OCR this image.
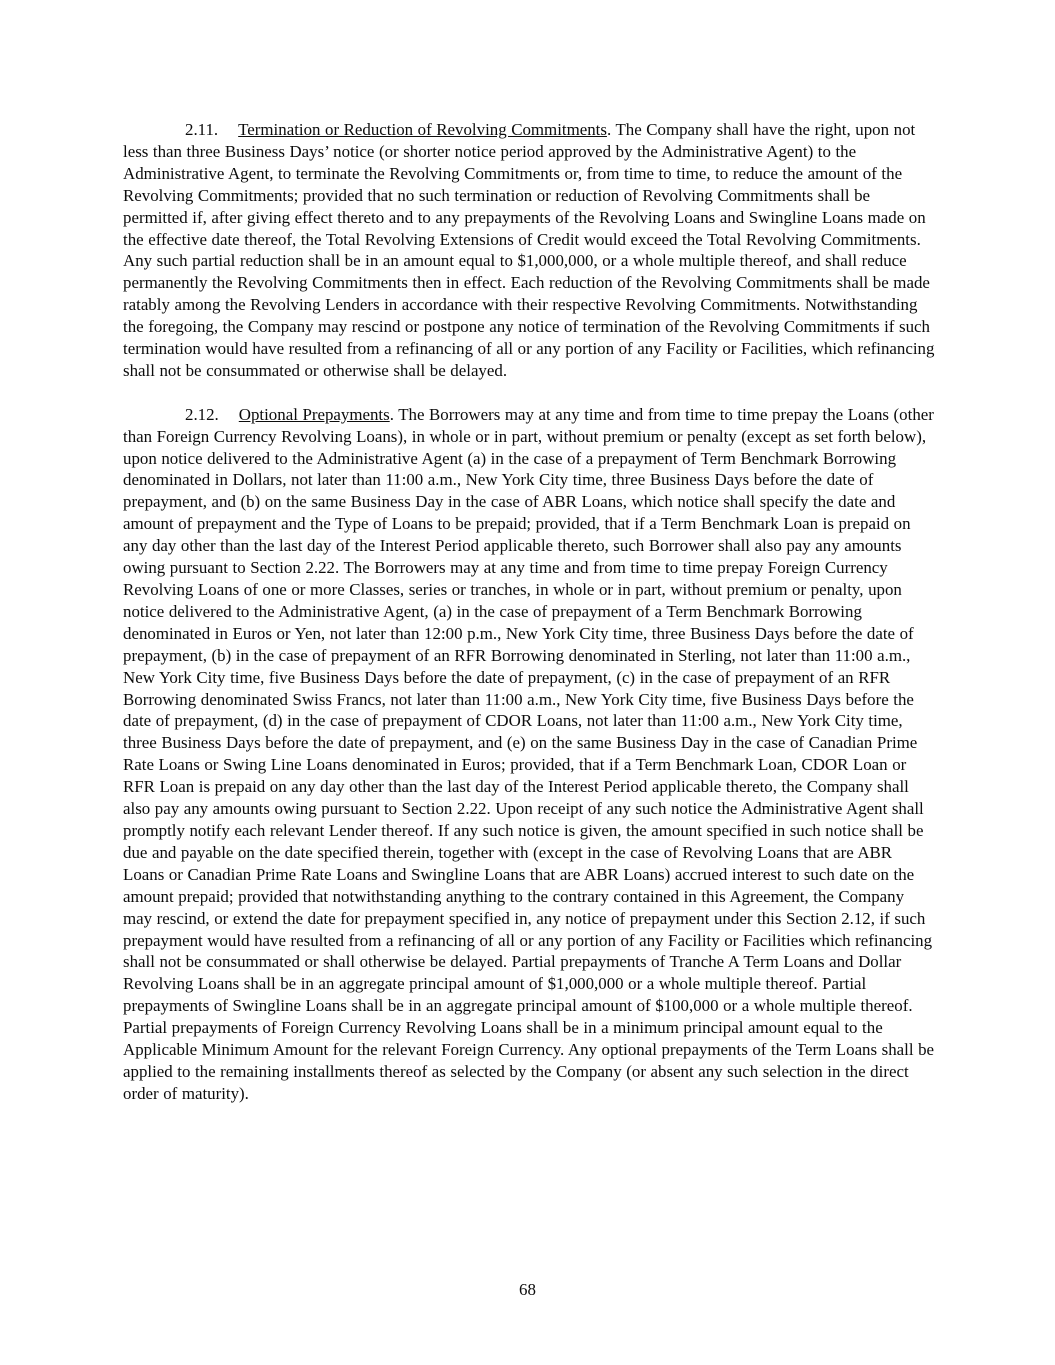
2.11. Termination or Reduction of Revolving Commitments. The Company shall have the right, upon not less than three Business Days’ notice (or shorter notice period approved by the Administrative Agent) to the Administrative Agent, to terminate the Revolving Commitments or, from time to time, to reduce the amount of the Revolving Commitments; provided that no such termination or reduction of Revolving Commitments shall be permitted if, after giving effect thereto and to any prepayments of the Revolving Loans and Swingline Loans made on the effective date thereof, the Total Revolving Extensions of Credit would exceed the Total Revolving Commitments. Any such partial reduction shall be in an amount equal to $1,000,000, or a whole multiple thereof, and shall reduce permanently the Revolving Commitments then in effect. Each reduction of the Revolving Commitments shall be made ratably among the Revolving Lenders in accordance with their respective Revolving Commitments. Notwithstanding the foregoing, the Company may rescind or postpone any notice of termination of the Revolving Commitments if such termination would have resulted from a refinancing of all or any portion of any Facility or Facilities, which refinancing shall not be consummated or otherwise shall be delayed.

2.12. Optional Prepayments. The Borrowers may at any time and from time to time prepay the Loans (other than Foreign Currency Revolving Loans), in whole or in part, without premium or penalty (except as set forth below), upon notice delivered to the Administrative Agent (a) in the case of a prepayment of Term Benchmark Borrowing denominated in Dollars, not later than 11:00 a.m., New York City time, three Business Days before the date of prepayment, and (b) on the same Business Day in the case of ABR Loans, which notice shall specify the date and amount of prepayment and the Type of Loans to be prepaid; provided, that if a Term Benchmark Loan is prepaid on any day other than the last day of the Interest Period applicable thereto, such Borrower shall also pay any amounts owing pursuant to Section 2.22. The Borrowers may at any time and from time to time prepay Foreign Currency Revolving Loans of one or more Classes, series or tranches, in whole or in part, without premium or penalty, upon notice delivered to the Administrative Agent, (a) in the case of prepayment of a Term Benchmark Borrowing denominated in Euros or Yen, not later than 12:00 p.m., New York City time, three Business Days before the date of prepayment, (b) in the case of prepayment of an RFR Borrowing denominated in Sterling, not later than 11:00 a.m., New York City time, five Business Days before the date of prepayment, (c) in the case of prepayment of an RFR Borrowing denominated Swiss Francs, not later than 11:00 a.m., New York City time, five Business Days before the date of prepayment, (d) in the case of prepayment of CDOR Loans, not later than 11:00 a.m., New York City time, three Business Days before the date of prepayment, and (e) on the same Business Day in the case of Canadian Prime Rate Loans or Swing Line Loans denominated in Euros; provided, that if a Term Benchmark Loan, CDOR Loan or RFR Loan is prepaid on any day other than the last day of the Interest Period applicable thereto, the Company shall also pay any amounts owing pursuant to Section 2.22. Upon receipt of any such notice the Administrative Agent shall promptly notify each relevant Lender thereof. If any such notice is given, the amount specified in such notice shall be due and payable on the date specified therein, together with (except in the case of Revolving Loans that are ABR Loans or Canadian Prime Rate Loans and Swingline Loans that are ABR Loans) accrued interest to such date on the amount prepaid; provided that notwithstanding anything to the contrary contained in this Agreement, the Company may rescind, or extend the date for prepayment specified in, any notice of prepayment under this Section 2.12, if such prepayment would have resulted from a refinancing of all or any portion of any Facility or Facilities which refinancing shall not be consummated or shall otherwise be delayed. Partial prepayments of Tranche A Term Loans and Dollar Revolving Loans shall be in an aggregate principal amount of $1,000,000 or a whole multiple thereof. Partial prepayments of Swingline Loans shall be in an aggregate principal amount of $100,000 or a whole multiple thereof. Partial prepayments of Foreign Currency Revolving Loans shall be in a minimum principal amount equal to the Applicable Minimum Amount for the relevant Foreign Currency. Any optional prepayments of the Term Loans shall be applied to the remaining installments thereof as selected by the Company (or absent any such selection in the direct order of maturity).

68
